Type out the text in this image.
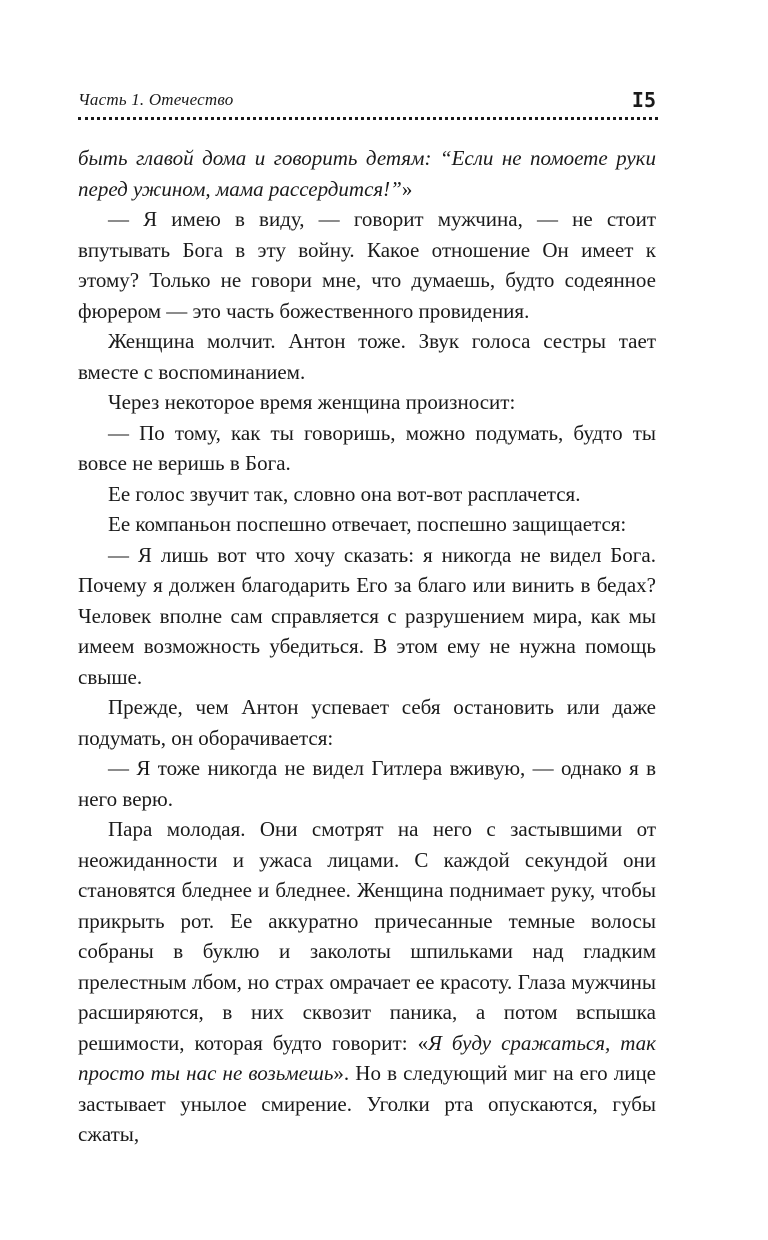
Часть 1. Отечество	I5

быть главой дома и говорить детям: “Если не помоете руки перед ужином, мама рассердится!”»

— Я имею в виду, — говорит мужчина, — не стоит впутывать Бога в эту войну. Какое отношение Он имеет к этому? Только не говори мне, что думаешь, будто содеянное фюрером — это часть божественного провидения.

Женщина молчит. Антон тоже. Звук голоса сестры тает вместе с воспоминанием.

Через некоторое время женщина произносит:

— По тому, как ты говоришь, можно подумать, будто ты вовсе не веришь в Бога.

Ее голос звучит так, словно она вот-вот расплачется.

Ее компаньон поспешно отвечает, поспешно защищается:

— Я лишь вот что хочу сказать: я никогда не видел Бога. Почему я должен благодарить Его за благо или винить в бедах? Человек вполне сам справляется с разрушением мира, как мы имеем возможность убедиться. В этом ему не нужна помощь свыше.

Прежде, чем Антон успевает себя остановить или даже подумать, он оборачивается:

— Я тоже никогда не видел Гитлера вживую, — однако я в него верю.

Пара молодая. Они смотрят на него с застывшими от неожиданности и ужаса лицами. С каждой секундой они становятся бледнее и бледнее. Женщина поднимает руку, чтобы прикрыть рот. Ее аккуратно причесанные темные волосы собраны в буклю и заколоты шпильками над гладким прелестным лбом, но страх омрачает ее красоту. Глаза мужчины расширяются, в них сквозит паника, а потом вспышка решимости, которая будто говорит: «Я буду сражаться, так просто ты нас не возьмешь». Но в следующий миг на его лице застывает унылое смирение. Уголки рта опускаются, губы сжаты,
